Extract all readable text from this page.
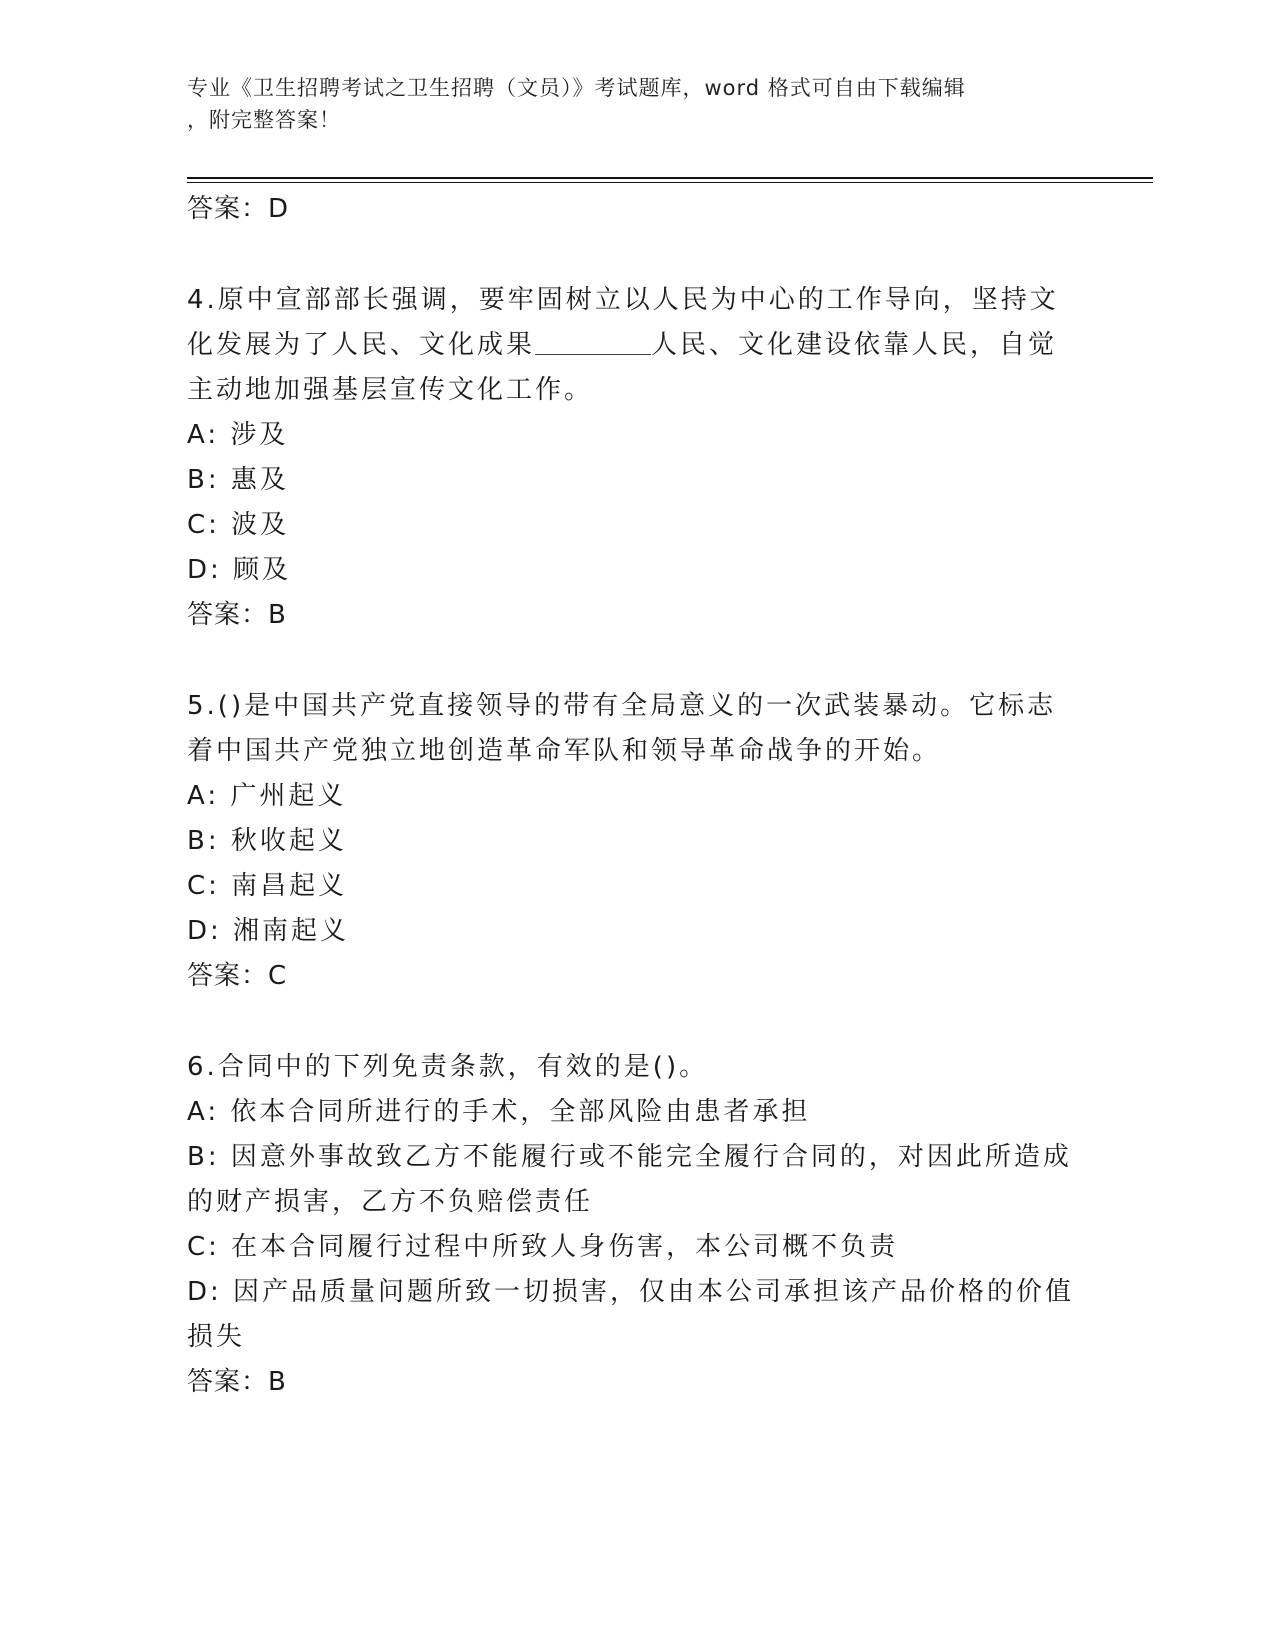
专业《卫生招聘考试之卫生招聘（文员）》考试题库，word 格式可自由下载编辑
，附完整答案！
答案：D
4.原中宣部部长强调，要牢固树立以人民为中心的工作导向，坚持文
化发展为了人民、文化成果	人民、文化建设依靠人民，自觉
主动地加强基层宣传文化工作。
A: 涉及
B: 惠及
C: 波及
D: 顾及
答案：B
5.()是中国共产党直接领导的带有全局意义的一次武装暴动。它标志
着中国共产党独立地创造革命军队和领导革命战争的开始。
A: 广州起义
B: 秋收起义
C: 南昌起义
D: 湘南起义
答案：C
6.合同中的下列免责条款，有效的是()。
A: 依本合同所进行的手术，全部风险由患者承担
B: 因意外事故致乙方不能履行或不能完全履行合同的，对因此所造成
的财产损害，乙方不负赔偿责任
C: 在本合同履行过程中所致人身伤害，本公司概不负责
D: 因产品质量问题所致一切损害，仅由本公司承担该产品价格的价值
损失
答案：B
